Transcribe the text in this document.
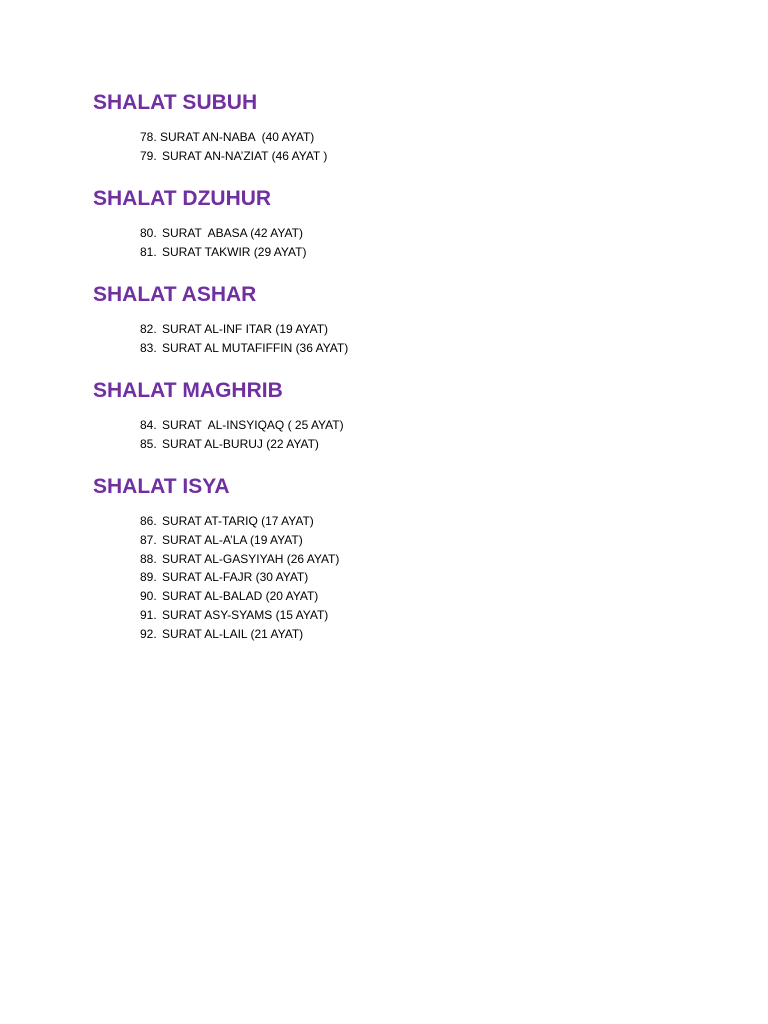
SHALAT SUBUH
78. SURAT AN-NABA  (40 AYAT)
79. SURAT AN-NA’ZIAT (46 AYAT )
SHALAT DZUHUR
80. SURAT  ABASA (42 AYAT)
81. SURAT TAKWIR (29 AYAT)
SHALAT ASHAR
82. SURAT AL-INF ITAR (19 AYAT)
83. SURAT AL MUTAFIFFIN (36 AYAT)
SHALAT MAGHRIB
84. SURAT  AL-INSYIQAQ ( 25 AYAT)
85. SURAT AL-BURUJ (22 AYAT)
SHALAT ISYA
86. SURAT AT-TARIQ (17 AYAT)
87. SURAT AL-A’LA (19 AYAT)
88. SURAT AL-GASYIYAH (26 AYAT)
89. SURAT AL-FAJR (30 AYAT)
90. SURAT AL-BALAD (20 AYAT)
91. SURAT ASY-SYAMS (15 AYAT)
92. SURAT AL-LAIL (21 AYAT)
